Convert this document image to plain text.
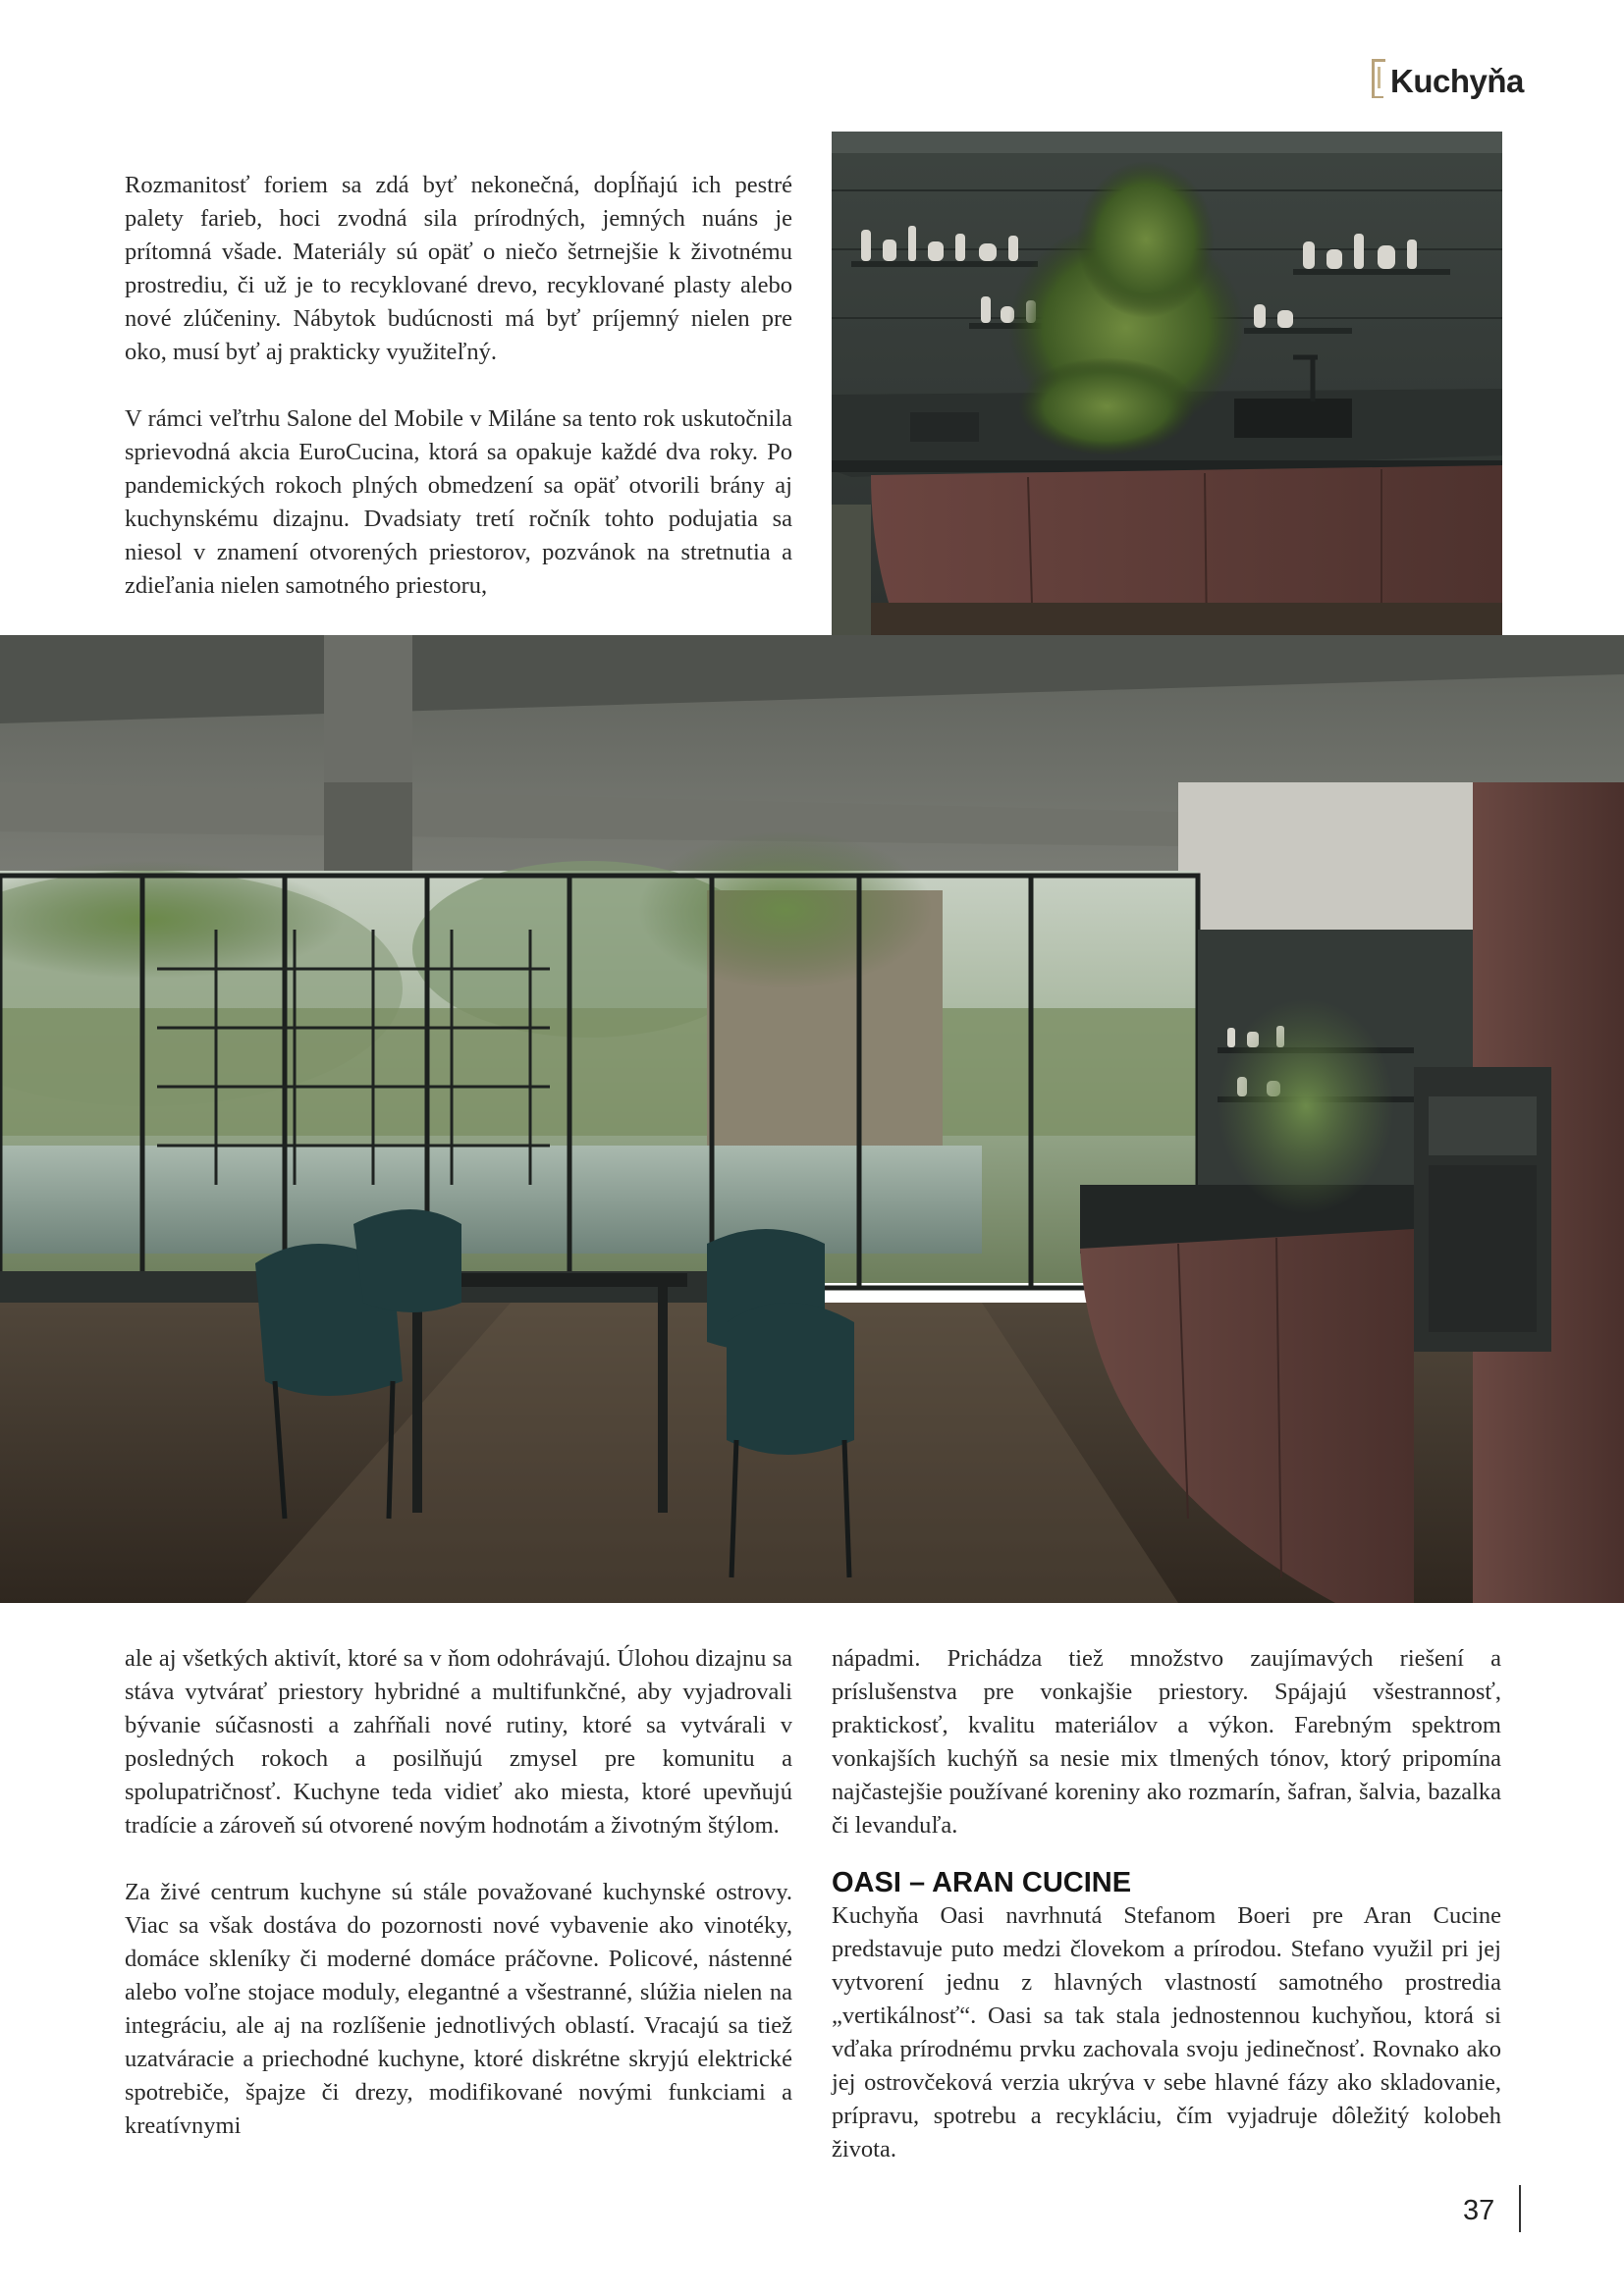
Kuchyňa

Rozmanitosť foriem sa zdá byť nekonečná, dopĺňajú ich pestré palety farieb, hoci zvodná sila prírodných, jemných nuáns je prítomná všade. Materiály sú opäť o niečo šetrnejšie k životnému prostrediu, či už je to recyklované drevo, recyklované plasty alebo nové zlúčeniny. Nábytok budúcnosti má byť príjemný nielen pre oko, musí byť aj prakticky využiteľný.

V rámci veľtrhu Salone del Mobile v Miláne sa tento rok uskutočnila sprievodná akcia EuroCucina, ktorá sa opakuje každé dva roky. Po pandemických rokoch plných obmedzení sa opäť otvorili brány aj kuchynskému dizajnu. Dvadsiaty tretí ročník tohto podujatia sa niesol v znamení otvorených priestorov, pozvánok na stretnutia a zdieľania nielen samotného priestoru,

ale aj všetkých aktivít, ktoré sa v ňom odohrávajú. Úlohou dizajnu sa stáva vytvárať priestory hybridné a multifunkčné, aby vyjadrovali bývanie súčasnosti a zahŕňali nové rutiny, ktoré sa vytvárali v posledných rokoch a posilňujú zmysel pre komunitu a spolupatričnosť. Kuchyne teda vidieť ako miesta, ktoré upevňujú tradície a zároveň sú otvorené novým hodnotám a životným štýlom.

Za živé centrum kuchyne sú stále považované kuchynské ostrovy. Viac sa však dostáva do pozornosti nové vybavenie ako vinotéky, domáce skleníky či moderné domáce práčovne. Policové, nástenné alebo voľne stojace moduly, elegantné a všestranné, slúžia nielen na integráciu, ale aj na rozlíšenie jednotlivých oblastí. Vracajú sa tiež uzatváracie a priechodné kuchyne, ktoré diskrétne skryjú elektrické spotrebiče, špajze či drezy, modifikované novými funkciami a kreatívnymi

nápadmi. Prichádza tiež množstvo zaujímavých riešení a príslušenstva pre vonkajšie priestory. Spájajú všestrannosť, praktickosť, kvalitu materiálov a výkon. Farebným spektrom vonkajších kuchýň sa nesie mix tlmených tónov, ktorý pripomína najčastejšie používané koreniny ako rozmarín, šafran, šalvia, bazalka či levanduľa.

OASI – ARAN CUCINE

Kuchyňa Oasi navrhnutá Stefanom Boeri pre Aran Cucine predstavuje puto medzi človekom a prírodou. Stefano využil pri jej vytvorení jednu z hlavných vlastností samotného prostredia „vertikálnosť“. Oasi sa tak stala jednostennou kuchyňou, ktorá si vďaka prírodnému prvku zachovala svoju jedinečnosť. Rovnako ako jej ostrovčeková verzia ukrýva v sebe hlavné fázy ako skladovanie, prípravu, spotrebu a recykláciu, čím vyjadruje dôležitý kolobeh života.

37
